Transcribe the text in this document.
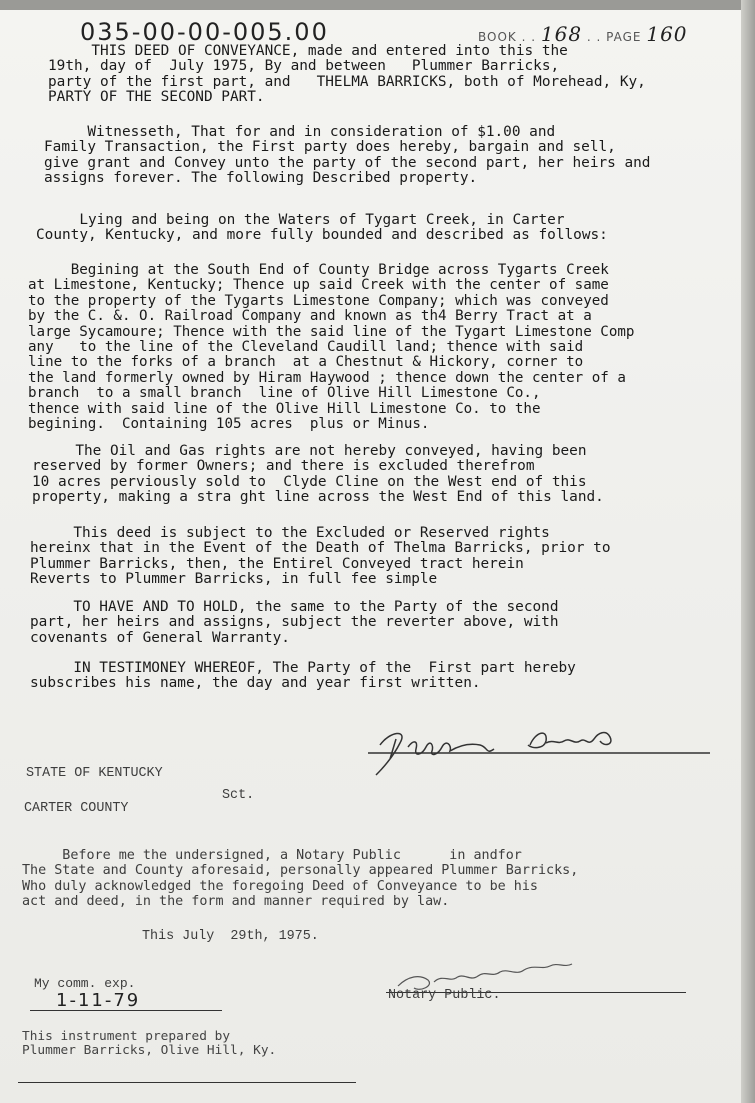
035-00-00-005.00	BOOK . . 168 . . PAGE 160
THIS DEED OF CONVEYANCE, made and entered into this the
19th, day of  July 1975, By and between   Plummer Barricks,
party of the first part, and   THELMA BARRICKS, both of Morehead, Ky,
PARTY OF THE SECOND PART.
Witnesseth, That for and in consideration of $1.00 and
Family Transaction, the First party does hereby, bargain and sell,
give grant and Convey unto the party of the second part, her heirs and
assigns forever. The following Described property.
Lying and being on the Waters of Tygart Creek, in Carter
County, Kentucky, and more fully bounded and described as follows:
Begining at the South End of County Bridge across Tygarts Creek
at Limestone, Kentucky; Thence up said Creek with the center of same
to the property of the Tygarts Limestone Company; which was conveyed
by the C. &. O. Railroad Company and known as th4 Berry Tract at a
large Sycamoure; Thence with the said line of the Tygart Limestone Comp
any   to the line of the Cleveland Caudill land; thence with said
line to the forks of a branch  at a Chestnut & Hickory, corner to
the land formerly owned by Hiram Haywood ; thence down the center of a
branch  to a small branch  line of Olive Hill Limestone Co.,
thence with said line of the Olive Hill Limestone Co. to the
begining.  Containing 105 acres  plus or Minus.
The Oil and Gas rights are not hereby conveyed, having been
reserved by former Owners; and there is excluded therefrom
10 acres perviously sold to  Clyde Cline on the West end of this
property, making a stra ght line across the West End of this land.
This deed is subject to the Excluded or Reserved rights
hereinx that in the Event of the Death of Thelma Barricks, prior to
Plummer Barricks, then, the Entirel Conveyed tract herein
Reverts to Plummer Barricks, in full fee simple
TO HAVE AND TO HOLD, the same to the Party of the second
part, her heirs and assigns, subject the reverter above, with
covenants of General Warranty.
IN TESTIMONEY WHEREOF, The Party of the  First part hereby
subscribes his name, the day and year first written.
STATE OF KENTUCKY
Sct.
CARTER COUNTY
Before me the undersigned, a Notary Public      in andfor
The State and County aforesaid, personally appeared Plummer Barricks,
Who duly acknowledged the foregoing Deed of Conveyance to be his
act and deed, in the form and manner required by law.
This July  29th, 1975.
My comm. exp.
1-11-79	Notary Public.
This instrument prepared by
Plummer Barricks, Olive Hill, Ky.
